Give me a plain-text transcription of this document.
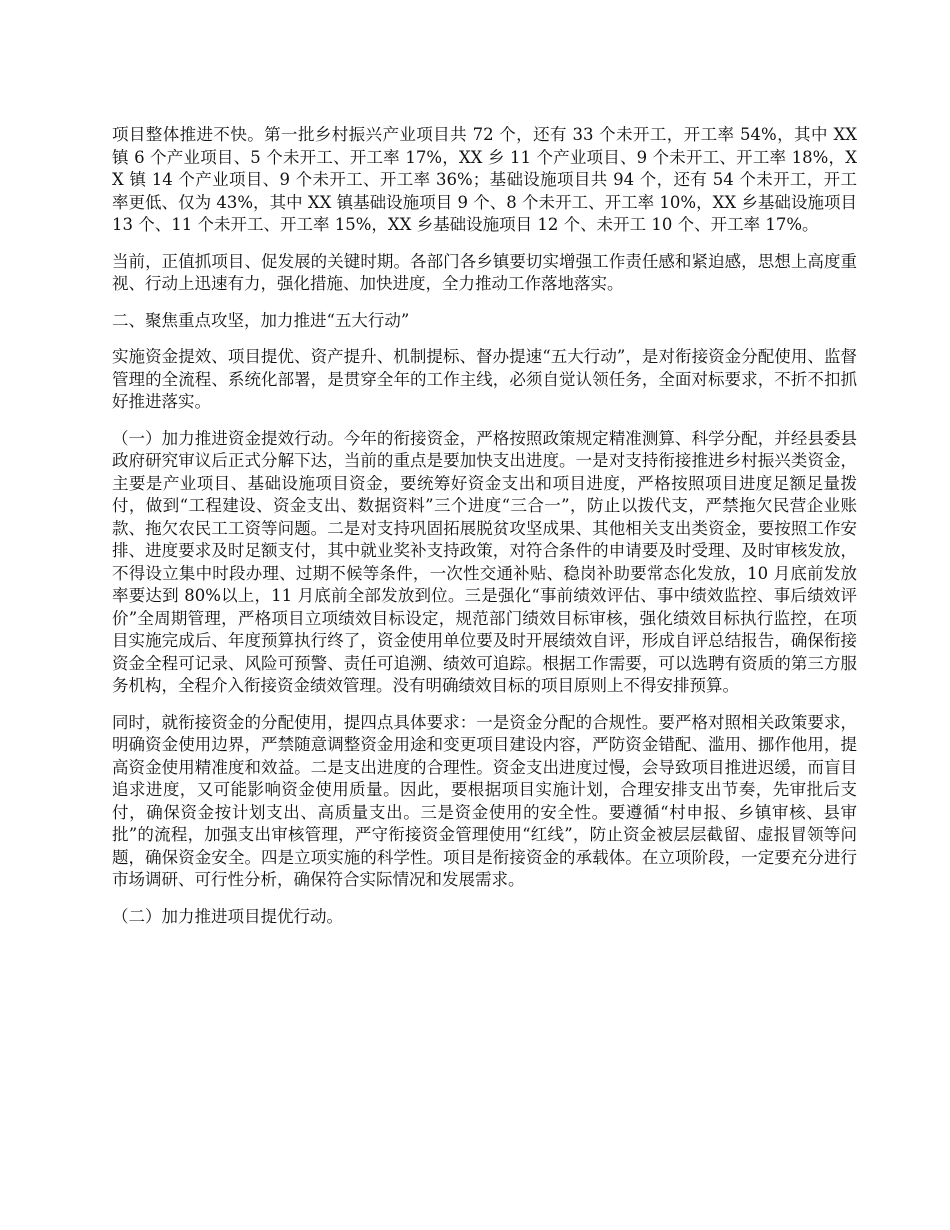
项目整体推进不快。第一批乡村振兴产业项目共 72 个，还有 33 个未开工，开工率 54%，其中 XX 镇 6 个产业项目、5 个未开工、开工率 17%，XX 乡 11 个产业项目、9 个未开工、开工率 18%，XX 镇 14 个产业项目、9 个未开工、开工率 36%；基础设施项目共 94 个，还有 54 个未开工，开工率更低、仅为 43%，其中 XX 镇基础设施项目 9 个、8 个未开工、开工率 10%，XX 乡基础设施项目 13 个、11 个未开工、开工率 15%，XX 乡基础设施项目 12 个、未开工 10 个、开工率 17%。

当前，正值抓项目、促发展的关键时期。各部门各乡镇要切实增强工作责任感和紧迫感，思想上高度重视、行动上迅速有力，强化措施、加快进度，全力推动工作落地落实。

二、聚焦重点攻坚，加力推进“五大行动”

实施资金提效、项目提优、资产提升、机制提标、督办提速“五大行动”，是对衔接资金分配使用、监督管理的全流程、系统化部署，是贯穿全年的工作主线，必须自觉认领任务，全面对标要求，不折不扣抓好推进落实。

（一）加力推进资金提效行动。今年的衔接资金，严格按照政策规定精准测算、科学分配，并经县委县政府研究审议后正式分解下达，当前的重点是要加快支出进度。一是对支持衔接推进乡村振兴类资金，主要是产业项目、基础设施项目资金，要统筹好资金支出和项目进度，严格按照项目进度足额足量拨付，做到“工程建设、资金支出、数据资料”三个进度“三合一”，防止以拨代支，严禁拖欠民营企业账款、拖欠农民工工资等问题。二是对支持巩固拓展脱贫攻坚成果、其他相关支出类资金，要按照工作安排、进度要求及时足额支付，其中就业奖补支持政策，对符合条件的申请要及时受理、及时审核发放，不得设立集中时段办理、过期不候等条件，一次性交通补贴、稳岗补助要常态化发放，10 月底前发放率要达到 80%以上，11 月底前全部发放到位。三是强化“事前绩效评估、事中绩效监控、事后绩效评价”全周期管理，严格项目立项绩效目标设定，规范部门绩效目标审核，强化绩效目标执行监控，在项目实施完成后、年度预算执行终了，资金使用单位要及时开展绩效自评，形成自评总结报告，确保衔接资金全程可记录、风险可预警、责任可追溯、绩效可追踪。根据工作需要，可以选聘有资质的第三方服务机构，全程介入衔接资金绩效管理。没有明确绩效目标的项目原则上不得安排预算。

同时，就衔接资金的分配使用，提四点具体要求：一是资金分配的合规性。要严格对照相关政策要求，明确资金使用边界，严禁随意调整资金用途和变更项目建设内容，严防资金错配、滥用、挪作他用，提高资金使用精准度和效益。二是支出进度的合理性。资金支出进度过慢，会导致项目推进迟缓，而盲目追求进度，又可能影响资金使用质量。因此，要根据项目实施计划，合理安排支出节奏，先审批后支付，确保资金按计划支出、高质量支出。三是资金使用的安全性。要遵循“村申报、乡镇审核、县审批”的流程，加强支出审核管理，严守衔接资金管理使用“红线”，防止资金被层层截留、虚报冒领等问题，确保资金安全。四是立项实施的科学性。项目是衔接资金的承载体。在立项阶段，一定要充分进行市场调研、可行性分析，确保符合实际情况和发展需求。

（二）加力推进项目提优行动。
